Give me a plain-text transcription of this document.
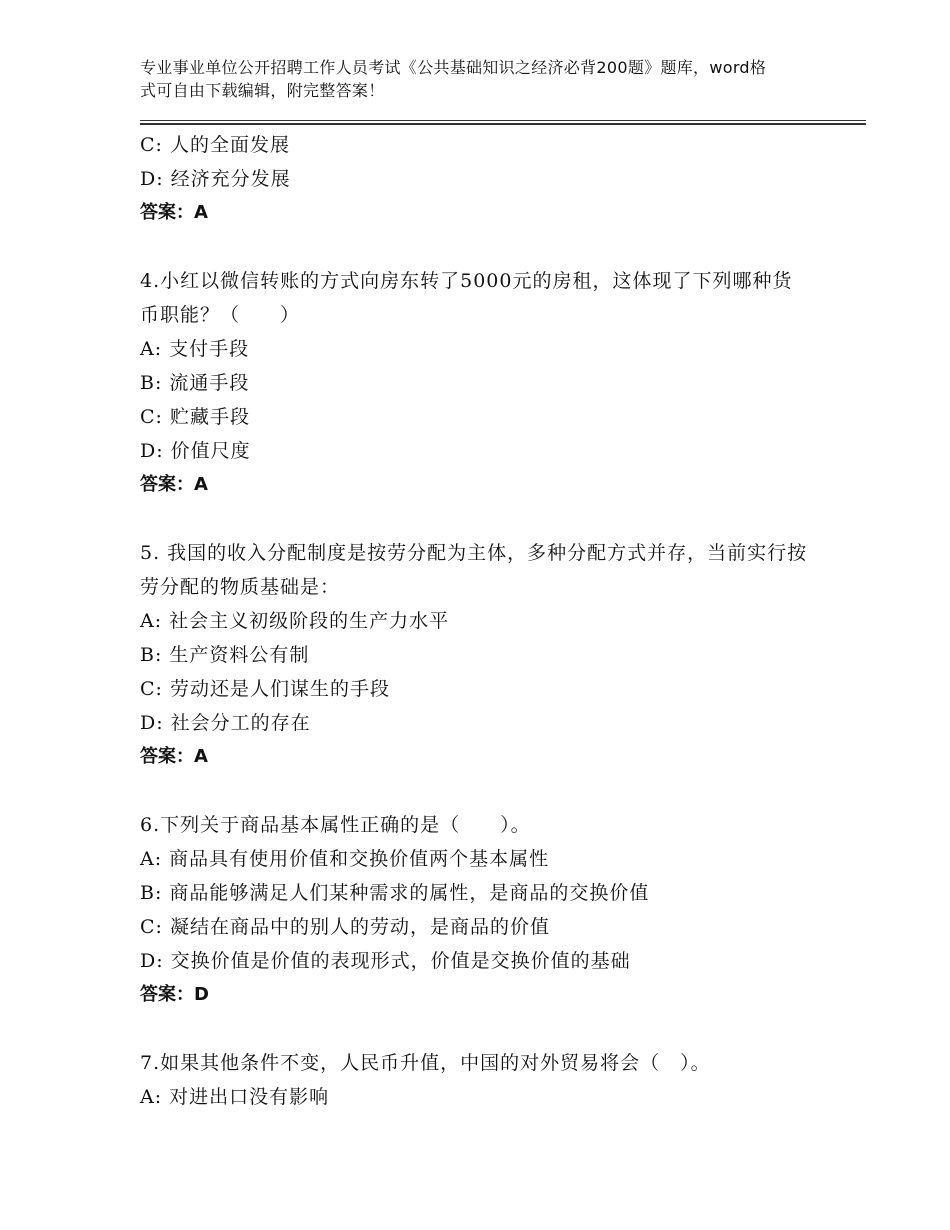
专业事业单位公开招聘工作人员考试《公共基础知识之经济必背200题》题库，word格式可自由下载编辑，附完整答案！
C: 人的全面发展
D: 经济充分发展
答案：A
4.小红以微信转账的方式向房东转了5000元的房租，这体现了下列哪种货币职能？（　　）
A: 支付手段
B: 流通手段
C: 贮藏手段
D: 价值尺度
答案：A
5. 我国的收入分配制度是按劳分配为主体，多种分配方式并存，当前实行按劳分配的物质基础是：
A: 社会主义初级阶段的生产力水平
B: 生产资料公有制
C: 劳动还是人们谋生的手段
D: 社会分工的存在
答案：A
6.下列关于商品基本属性正确的是（　　）。
A: 商品具有使用价值和交换价值两个基本属性
B: 商品能够满足人们某种需求的属性，是商品的交换价值
C: 凝结在商品中的别人的劳动，是商品的价值
D: 交换价值是价值的表现形式，价值是交换价值的基础
答案：D
7.如果其他条件不变，人民币升值，中国的对外贸易将会（　）。
A: 对进出口没有影响
